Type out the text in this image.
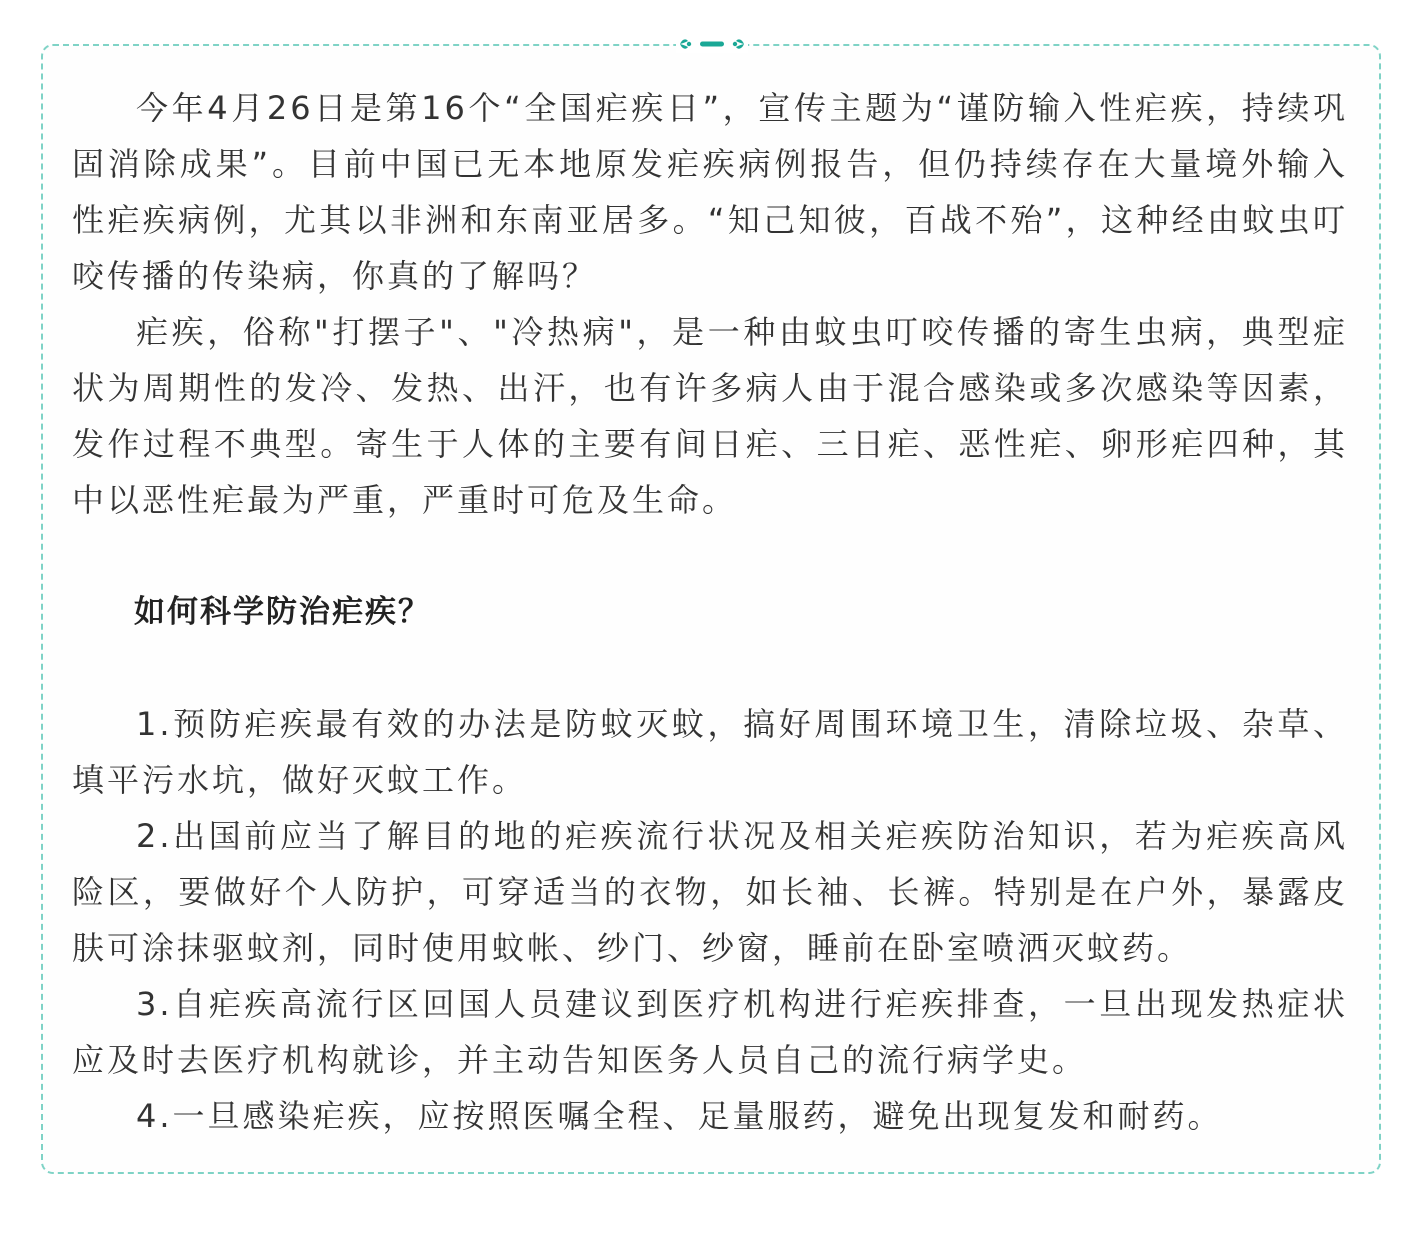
今年4月26日是第16个“全国疟疾日”，宣传主题为“谨防输入性疟疾，持续巩固消除成果”。目前中国已无本地原发疟疾病例报告，但仍持续存在大量境外输入性疟疾病例，尤其以非洲和东南亚居多。“知己知彼，百战不殆”，这种经由蚊虫叮咬传播的传染病，你真的了解吗？

疟疾，俗称"打摆子"、"冷热病"，是一种由蚊虫叮咬传播的寄生虫病，典型症状为周期性的发冷、发热、出汗，也有许多病人由于混合感染或多次感染等因素，发作过程不典型。寄生于人体的主要有间日疟、三日疟、恶性疟、卵形疟四种，其中以恶性疟最为严重，严重时可危及生命。

如何科学防治疟疾？

1.预防疟疾最有效的办法是防蚊灭蚊，搞好周围环境卫生，清除垃圾、杂草、填平污水坑，做好灭蚊工作。

2.出国前应当了解目的地的疟疾流行状况及相关疟疾防治知识，若为疟疾高风险区，要做好个人防护，可穿适当的衣物，如长袖、长裤。特别是在户外，暴露皮肤可涂抹驱蚊剂，同时使用蚊帐、纱门、纱窗，睡前在卧室喷洒灭蚊药。

3.自疟疾高流行区回国人员建议到医疗机构进行疟疾排查，一旦出现发热症状应及时去医疗机构就诊，并主动告知医务人员自己的流行病学史。

4.一旦感染疟疾，应按照医嘱全程、足量服药，避免出现复发和耐药。
